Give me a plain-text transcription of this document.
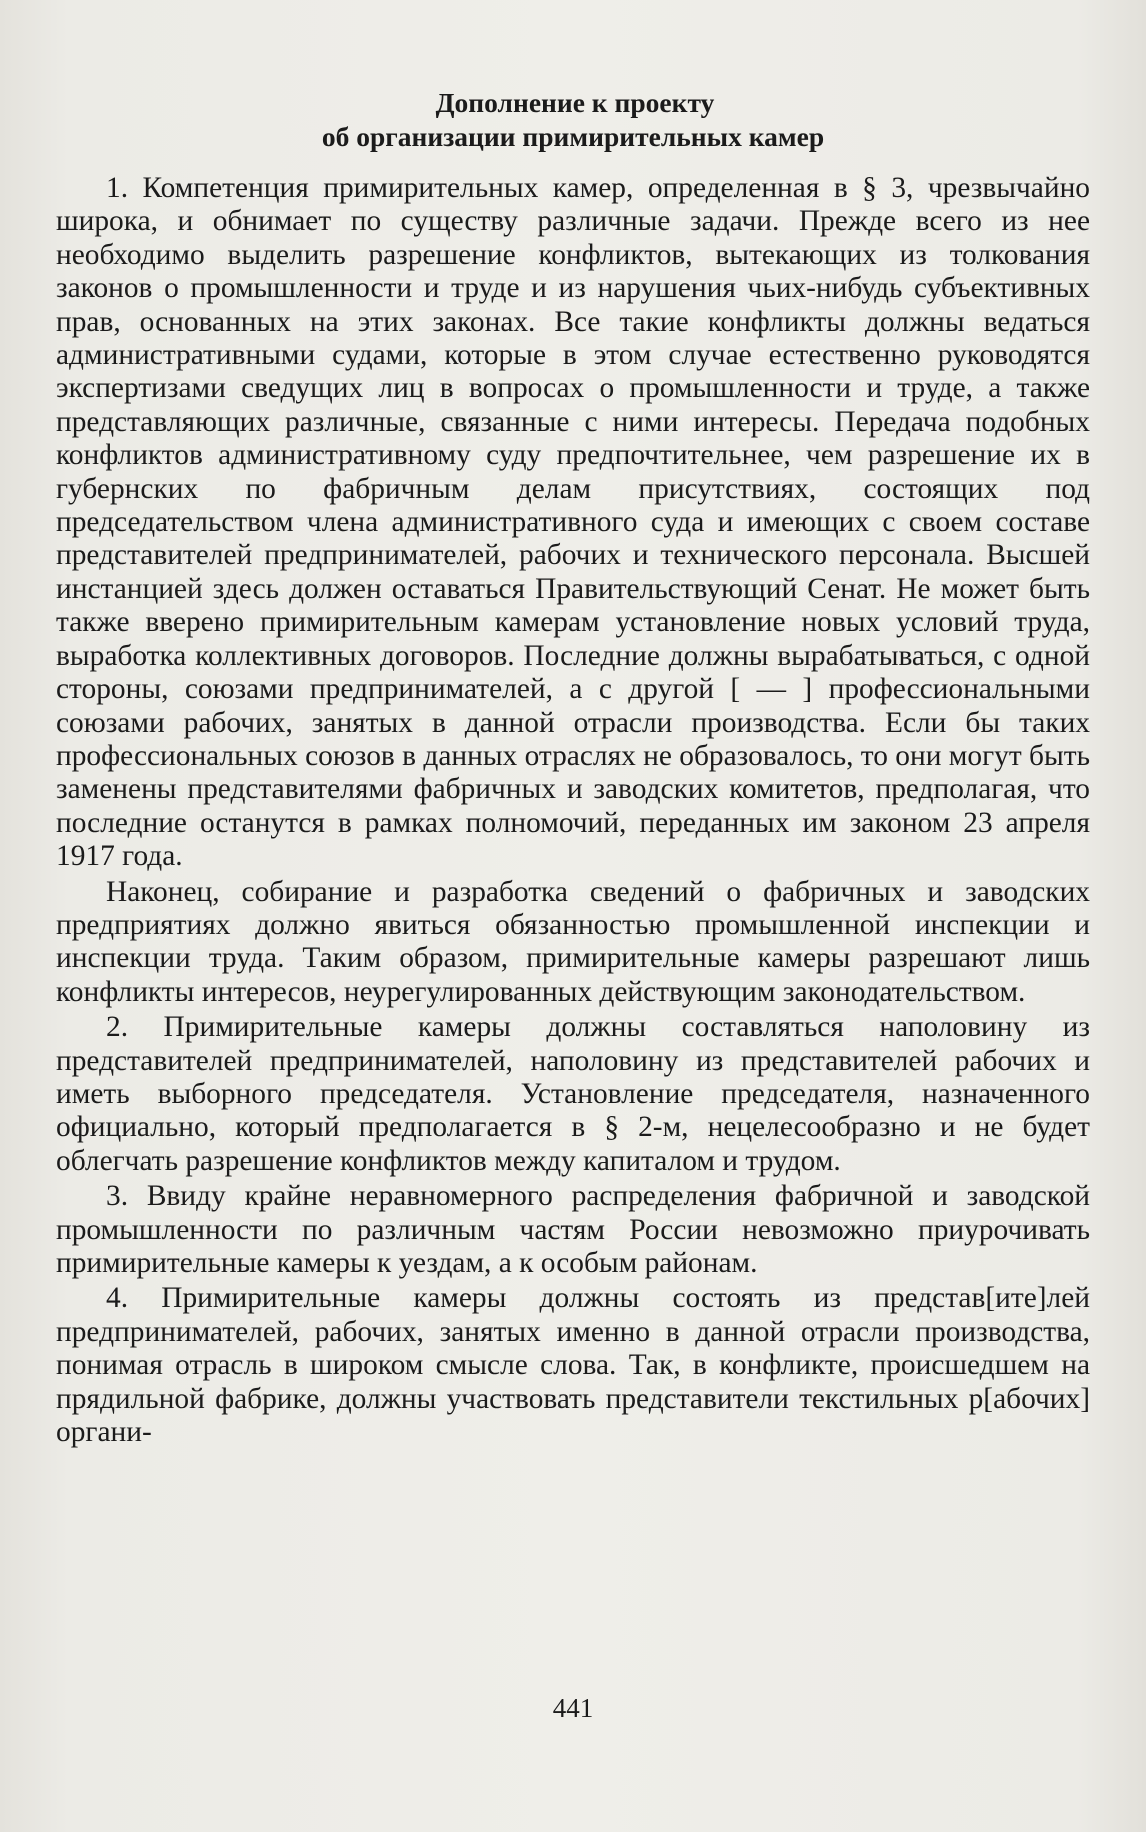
Дополнение к проекту
об организации примирительных камер

1. Компетенция примирительных камер, определенная в § 3, чрезвычайно широка, и обнимает по существу различные задачи. Прежде всего из нее необходимо выделить разрешение конфликтов, вытекающих из толкования законов о промышленности и труде и из нарушения чьих-нибудь субъективных прав, основанных на этих законах. Все такие конфликты должны ведаться административными судами, которые в этом случае естественно руководятся экспертизами сведущих лиц в вопросах о промышленности и труде, а также представляющих различные, связанные с ними интересы. Передача подобных конфликтов административному суду предпочтительнее, чем разрешение их в губернских по фабричным делам присутствиях, состоящих под председательством члена административного суда и имеющих с своем составе представителей предпринимателей, рабочих и технического персонала. Высшей инстанцией здесь должен оставаться Правительствующий Сенат. Не может быть также вверено примирительным камерам установление новых условий труда, выработка коллективных договоров. Последние должны вырабатываться, с одной стороны, союзами предпринимателей, а с другой [ — ] профессиональными союзами рабочих, занятых в данной отрасли производства. Если бы таких профессиональных союзов в данных отраслях не образовалось, то они могут быть заменены представителями фабричных и заводских комитетов, предполагая, что последние останутся в рамках полномочий, переданных им законом 23 апреля 1917 года.

Наконец, собирание и разработка сведений о фабричных и заводских предприятиях должно явиться обязанностью промышленной инспекции и инспекции труда. Таким образом, примирительные камеры разрешают лишь конфликты интересов, неурегулированных действующим законодательством.

2. Примирительные камеры должны составляться наполовину из представителей предпринимателей, наполовину из представителей рабочих и иметь выборного председателя. Установление председателя, назначенного официально, который предполагается в § 2-м, нецелесообразно и не будет облегчать разрешение конфликтов между капиталом и трудом.

3. Ввиду крайне неравномерного распределения фабричной и заводской промышленности по различным частям России невозможно приурочивать примирительные камеры к уездам, а к особым районам.

4. Примирительные камеры должны состоять из представ[ите]лей предпринимателей, рабочих, занятых именно в данной отрасли производства, понимая отрасль в широком смысле слова. Так, в конфликте, происшедшем на прядильной фабрике, должны участвовать представители текстильных р[абочих] органи-

441
